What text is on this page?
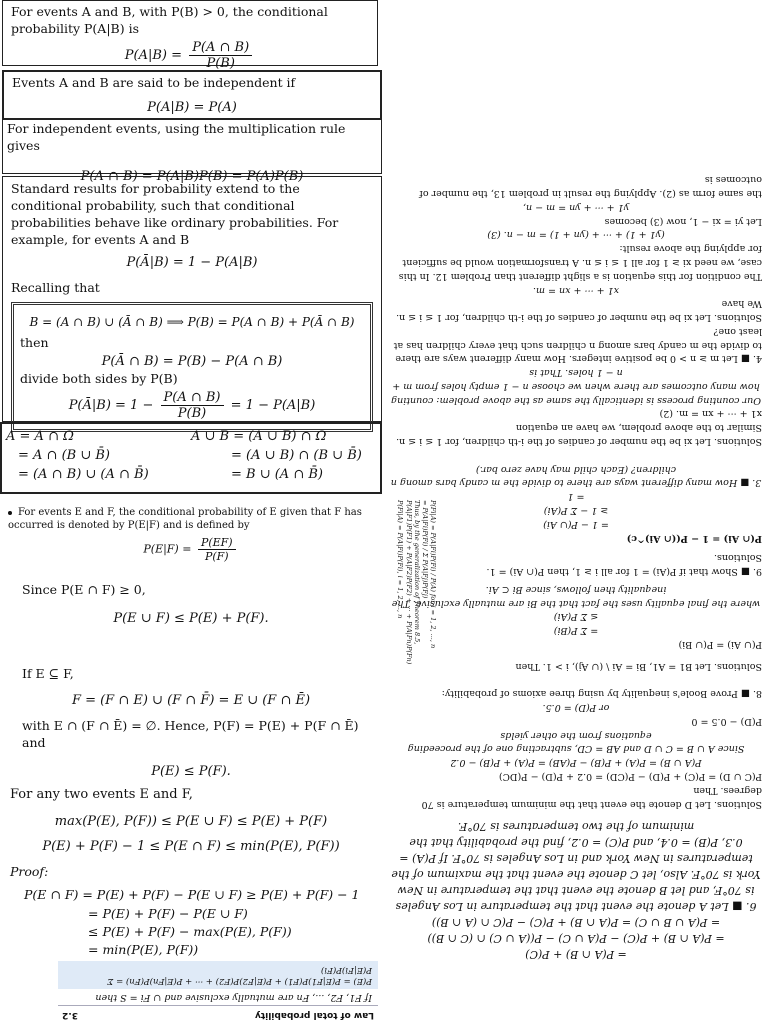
For events A and B, with P(B) > 0, the conditional probability P(A|B) is

$P(A|B) = \frac{P(A \cap B)}{P(B)}$

Events A and B are said to be independent if

P(A|B) = P(A)

For independent events, using the multiplication rule gives

P(A ∩ B) = P(A|B)P(B) = P(A)P(B)

Standard results for probability extend to the conditional probability, such that conditional probabilities behave like ordinary probabilities. For example, for events A and B

P(Ā|B) = 1 − P(A|B)

Recalling that

B = (A ∩ B) ∪ (Ā ∩ B) ⟹ P(B) = P(A ∩ B) + P(Ā ∩ B)

then

P(Ā ∩ B) = P(B) − P(A ∩ B)

divide both sides by P(B)

P(Ā|B) = $1 - \frac{P(A \cap B)}{P(B)} = 1 - P(A|B)$
A = A ∩ Ω	A ∪ B = (A ∪ B) ∩ Ω
= A ∩ (B ∪ B̄)	= (A ∪ B) ∩ (B ∪ B̄)
= (A ∩ B) ∪ (A ∩ B̄)	= B ∪ (A ∩ B̄)

For events E and F, the conditional probability of E given that F has occurred is denoted by P(E|F) and is defined by

$P(E|F) = \frac{P(EF)}{P(F)}$

Since P(E ∩ F) ≥ 0,

P(E ∪ F) ≤ P(E) + P(F).

If E ⊆ F,

F = (F ∩ E) ∪ (F ∩ F̄) = E ∪ (F ∩ Ē)

with E ∩ (F ∩ Ē) = ∅. Hence, P(F) = P(E) + P(F ∩ Ē) and

P(E) ≤ P(F).

For any two events E and F,

max(P(E), P(F)) ≤ P(E ∪ F) ≤ P(E) + P(F)
P(E) + P(F) − 1 ≤ P(E ∩ F) ≤ min(P(E), P(F))

Proof:

P(E ∩ F) = P(E) + P(F) − P(E ∪ F) ≥ P(E) + P(F) − 1
= P(E) + P(F) − P(E ∪ F)
≤ P(E) + P(F) − max(P(E), P(F))
= min(P(E), P(F))
Law of total probability
3.2
If F1, F2, ..., Fn are mutually exclusive and ∪ Fi = S then
P(E) = P(E|F1)P(F1) + P(E|F2)P(F2) + ··· + P(E|Fn)P(Fn) = Σ P(E|Fi)P(Fi)
P(Fi|A) = P(A|Fi)P(Fi) / P(A) for i = 1, 2, ..., n
= P(A|Fi)P(Fi) / Σ P(A|Fj)P(Fj)
Thus, by the generalization of Theorem 8.5,
P(A|F1)P(F1) + P(A|F2)P(F2) + ··· + P(A|Fn)P(Fn)
P(Fi|A) = P(A|Fi)P(Fi), i = 1, 2, ..., n
= P(A ∩ B) + P(C)
= P(A ∩ B) + P(C) − P(A ∪ C) − P((A ∪ C) ∩ (C ∩ B))
= P(A ∪ B ∪ C) = P(A ∩ B) + P(C) − P(C ∩ (A ∩ B))
6. ■ Let A denote the event that the temperature in Los Angeles is 70°F, and let B denote the event that the temperature in New York is 70°F. Also, let C denote the event that the maximum of the temperatures in New York and in Los Angeles is 70°F. If P(A) = 0.3, P(B) = 0.4, and P(C) = 0.2, find the probability that the minimum of the two temperatures is 70°F.
Solutions. Let D denote the event that the minimum temperature is 70 degrees. Then
P(C ∪ D) = P(C) + P(D) − P(CD) = 0.2 + P(D) − P(DC)
P(A ∪ B) = P(A) + P(B) − P(AB) = P(A) + P(B) − 0.2
Since A ∪ B = C ∪ D and AB = CD, subtracting one of the proceeding equations from the other yields
P(D) − 0.5 = 0
or P(D) = 0.5.
8. ■ Prove Boole's inequality by using three axioms of probability:
Solutions. Let B1 = A1, Bi = Ai \ (∪ Aj), i > 1. Then
P(∪ Ai) = P(∪ Bi)
= Σ P(Bi)
≤ Σ P(Ai)
where the final equality uses the fact that the Bi are mutually exclusive. The inequality then follows, since Bi ⊂ Ai.
9. ■ Show that if P(Ai) = 1 for all i ≥ 1, then P(∩ Ai) = 1.
Solutions.
P(∩ Ai) = 1 − P((∩ Ai)^c)
= 1 − P(∪ Ai)
≥ 1 − Σ P(Ai)
= 1
3. ■ How many different ways are there to divide the m candy bars among n children? (Each child may have zero bar.)
Solutions. Let xi be the number of candies of the i-th children, for 1 ≤ i ≤ n. Similar to the above problem, we have an equation
x1 + ··· + xn = m. (2)
Our counting process is identically the same as the above problem: counting how many outcomes are there when we choose n − 1 empty holes from m + n − 1 holes. That is
4. ■ Let m ≥ n > 0 be positive integers. How many different ways are there to divide the m candy bars among n children such that every children has at least one?
Solutions. Let xi be the number of candies of the i-th children, for 1 ≤ i ≤ n. We have
x1 + ··· + xn = m.
The condition for this equation is a slight different than Problem 12. In this case, we need xi ≥ 1 for all 1 ≤ i ≤ n. A transformation would be sufficient for applying the above result:
(y1 + 1) + ··· + (yn + 1) = m − n. (3)
Let yi = xi − 1, now (3) becomes
y1 + ··· + yn = m − n,
the same form as (2). Applying the result in problem 13, the number of outcomes is
